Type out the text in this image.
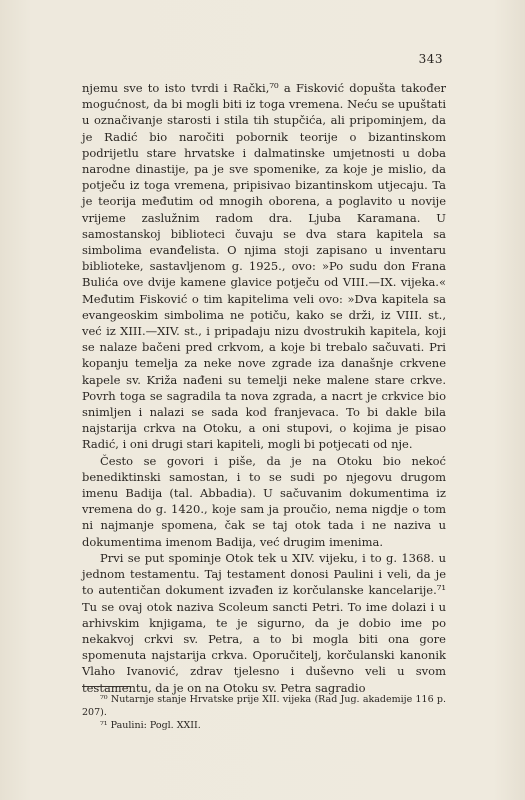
343

njemu sve to isto tvrdi i Rački,⁷⁰ a Fisković dopušta također mogućnost, da bi mogli biti iz toga vremena. Neću se upuštati u označivanje starosti i stila tih stupčića, ali pripominjem, da je Radić bio naročiti pobornik teorije o bizantinskom podrijetlu stare hrvatske i dalmatinske umjetnosti u doba narodne dinastije, pa je sve spomenike, za koje je mislio, da potječu iz toga vremena, pripisivao bizantinskom utjecaju. Ta je teorija međutim od mnogih oborena, a poglavito u novije vrijeme zaslužnim radom dra. Ljuba Karamana. U samostanskoj biblioteci čuvaju se dva stara kapitela sa simbolima evanđelista. O njima stoji zapisano u inventaru biblioteke, sastavljenom g. 1925., ovo: »Po sudu don Frana Bulića ove dvije kamene glavice potječu od VIII.—IX. vijeka.« Međutim Fisković o tim kapitelima veli ovo: »Dva kapitela sa evangeoskim simbolima ne potiču, kako se drži, iz VIII. st., već iz XIII.—XIV. st., i pripadaju nizu dvostrukih kapitela, koji se nalaze bačeni pred crkvom, a koje bi trebalo sačuvati. Pri kopanju temelja za neke nove zgrade iza današnje crkvene kapele sv. Križa nađeni su temelji neke malene stare crkve. Povrh toga se sagradila ta nova zgrada, a nacrt je crkvice bio snimljen i nalazi se sada kod franjevaca. To bi dakle bila najstarija crkva na Otoku, a oni stupovi, o kojima je pisao Radić, i oni drugi stari kapiteli, mogli bi potjecati od nje.

Često se govori i piše, da je na Otoku bio nekoć benediktinski samostan, i to se sudi po njegovu drugom imenu Badija (tal. Abbadia). U sačuvanim dokumentima iz vremena do g. 1420., koje sam ja proučio, nema nigdje o tom ni najmanje spomena, čak se taj otok tada i ne naziva u dokumentima imenom Badija, već drugim imenima.

Prvi se put spominje Otok tek u XIV. vijeku, i to g. 1368. u jednom testamentu. Taj testament donosi Paulini i veli, da je to autentičan dokument izvađen iz korčulanske kancelarije.⁷¹ Tu se ovaj otok naziva Scoleum sancti Petri. To ime dolazi i u arhivskim knjigama, te je sigurno, da je dobio ime po nekakvoj crkvi sv. Petra, a to bi mogla biti ona gore spomenuta najstarija crkva. Oporučitelj, korčulanski kanonik Vlaho Ivanović, zdrav tjelesno i duševno veli u svom testamentu, da je on na Otoku sv. Petra sagradio

⁷⁰ Nutarnje stanje Hrvatske prije XII. vijeka (Rad Jug. akademije 116 p. 207).

⁷¹ Paulini: Pogl. XXII.
